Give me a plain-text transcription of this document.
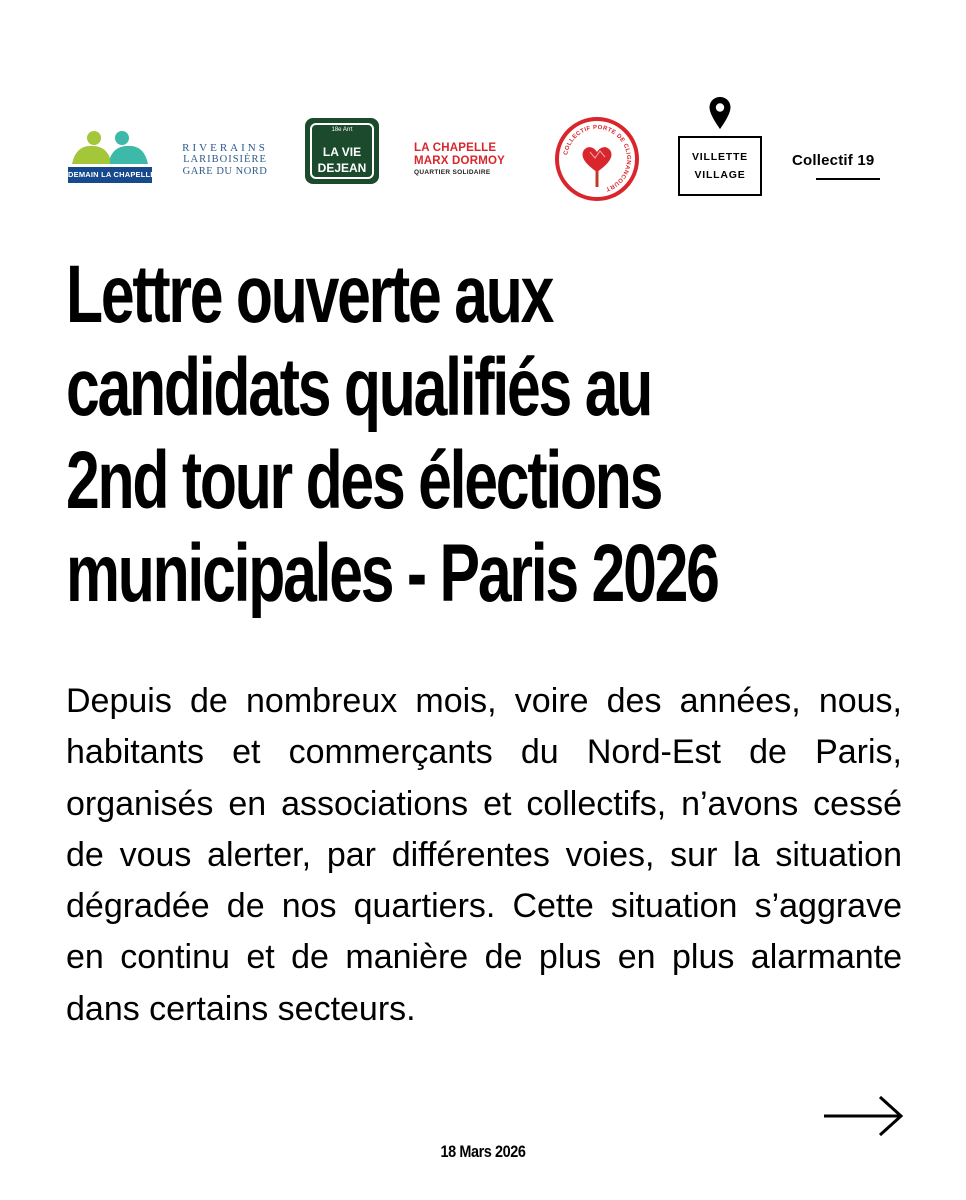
DEMAIN LA CHAPELLE
RIVERAINS
LARIBOISIÈRE
GARE DU NORD
18e Arrt
LA VIE
DEJEAN
LA CHAPELLE
MARX DORMOY
QUARTIER SOLIDAIRE
COLLECTIF PORTE DE CLIGNANCOURT
VILLETTE
VILLAGE
Collectif 19
Lettre ouverte aux
candidats qualifiés au
2nd tour des élections
municipales - Paris 2026

Depuis de nombreux mois, voire des années, nous, habitants et commerçants du Nord-Est de Paris, organisés en associations et collectifs, n’avons cessé de vous alerter, par différentes voies, sur la situation dégradée de nos quartiers. Cette situation s’aggrave en continu et de manière de plus en plus alarmante dans certains secteurs.

18 Mars 2026
